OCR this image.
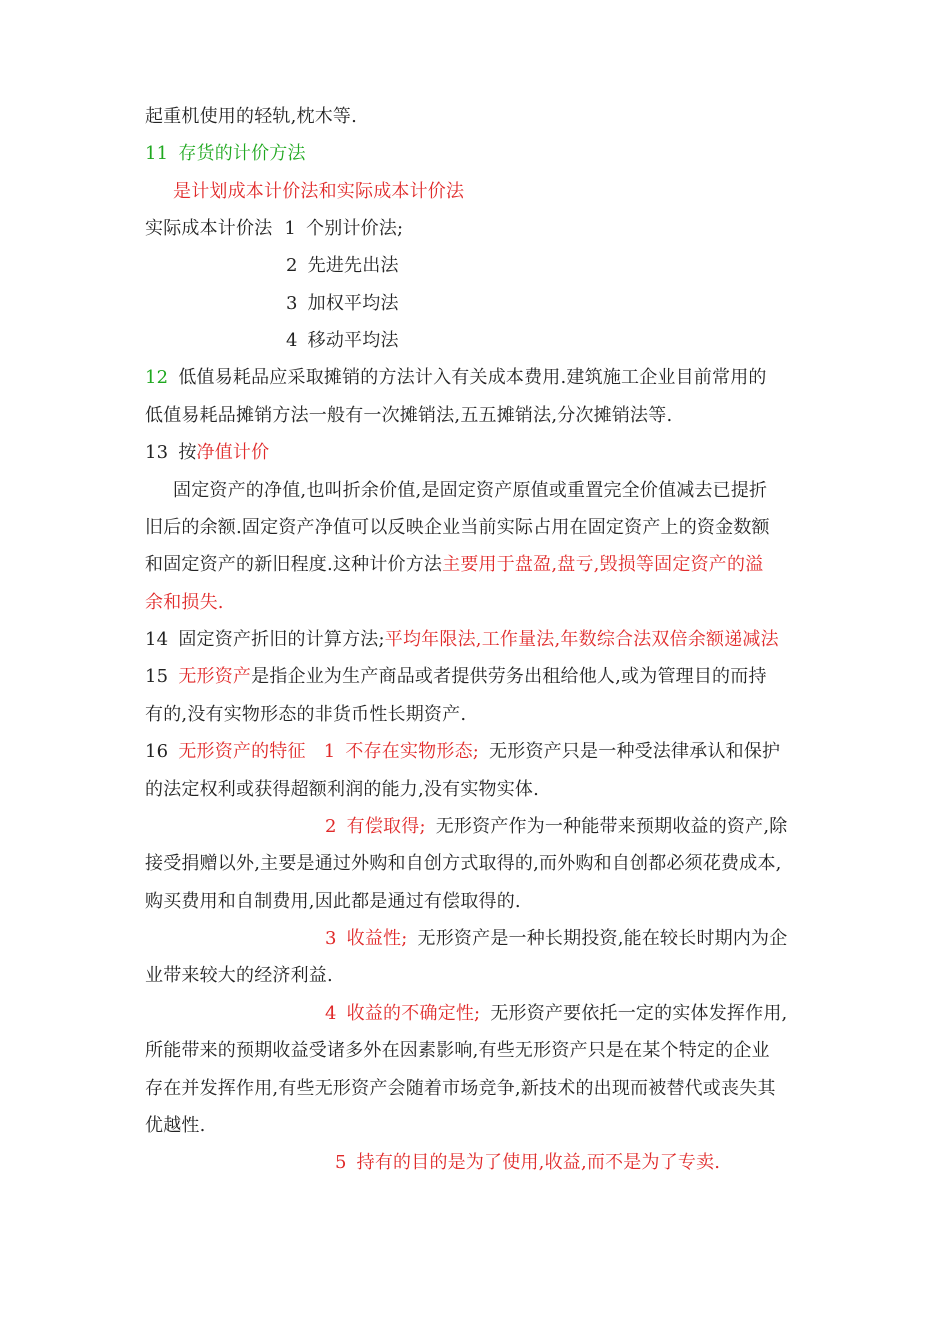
起重机使用的轻轨,枕木等.
11 存货的计价方法
是计划成本计价法和实际成本计价法
实际成本计价法 1 个别计价法;
2 先进先出法
3 加权平均法
4 移动平均法
12 低值易耗品应采取摊销的方法计入有关成本费用.建筑施工企业目前常用的
低值易耗品摊销方法一般有一次摊销法,五五摊销法,分次摊销法等.
13 按净值计价
固定资产的净值,也叫折余价值,是固定资产原值或重置完全价值减去已提折
旧后的余额.固定资产净值可以反映企业当前实际占用在固定资产上的资金数额
和固定资产的新旧程度.这种计价方法主要用于盘盈,盘亏,毁损等固定资产的溢
余和损失.
14 固定资产折旧的计算方法;平均年限法,工作量法,年数综合法双倍余额递减法
15 无形资产是指企业为生产商品或者提供劳务出租给他人,或为管理目的而持
有的,没有实物形态的非货币性长期资产.
16 无形资产的特征 1 不存在实物形态; 无形资产只是一种受法律承认和保护
的法定权利或获得超额利润的能力,没有实物实体.
2 有偿取得; 无形资产作为一种能带来预期收益的资产,除
接受捐赠以外,主要是通过外购和自创方式取得的,而外购和自创都必须花费成本,
购买费用和自制费用,因此都是通过有偿取得的.
3 收益性; 无形资产是一种长期投资,能在较长时期内为企
业带来较大的经济利益.
4 收益的不确定性; 无形资产要依托一定的实体发挥作用,
所能带来的预期收益受诸多外在因素影响,有些无形资产只是在某个特定的企业
存在并发挥作用,有些无形资产会随着市场竞争,新技术的出现而被替代或丧失其
优越性.
5 持有的目的是为了使用,收益,而不是为了专卖.
